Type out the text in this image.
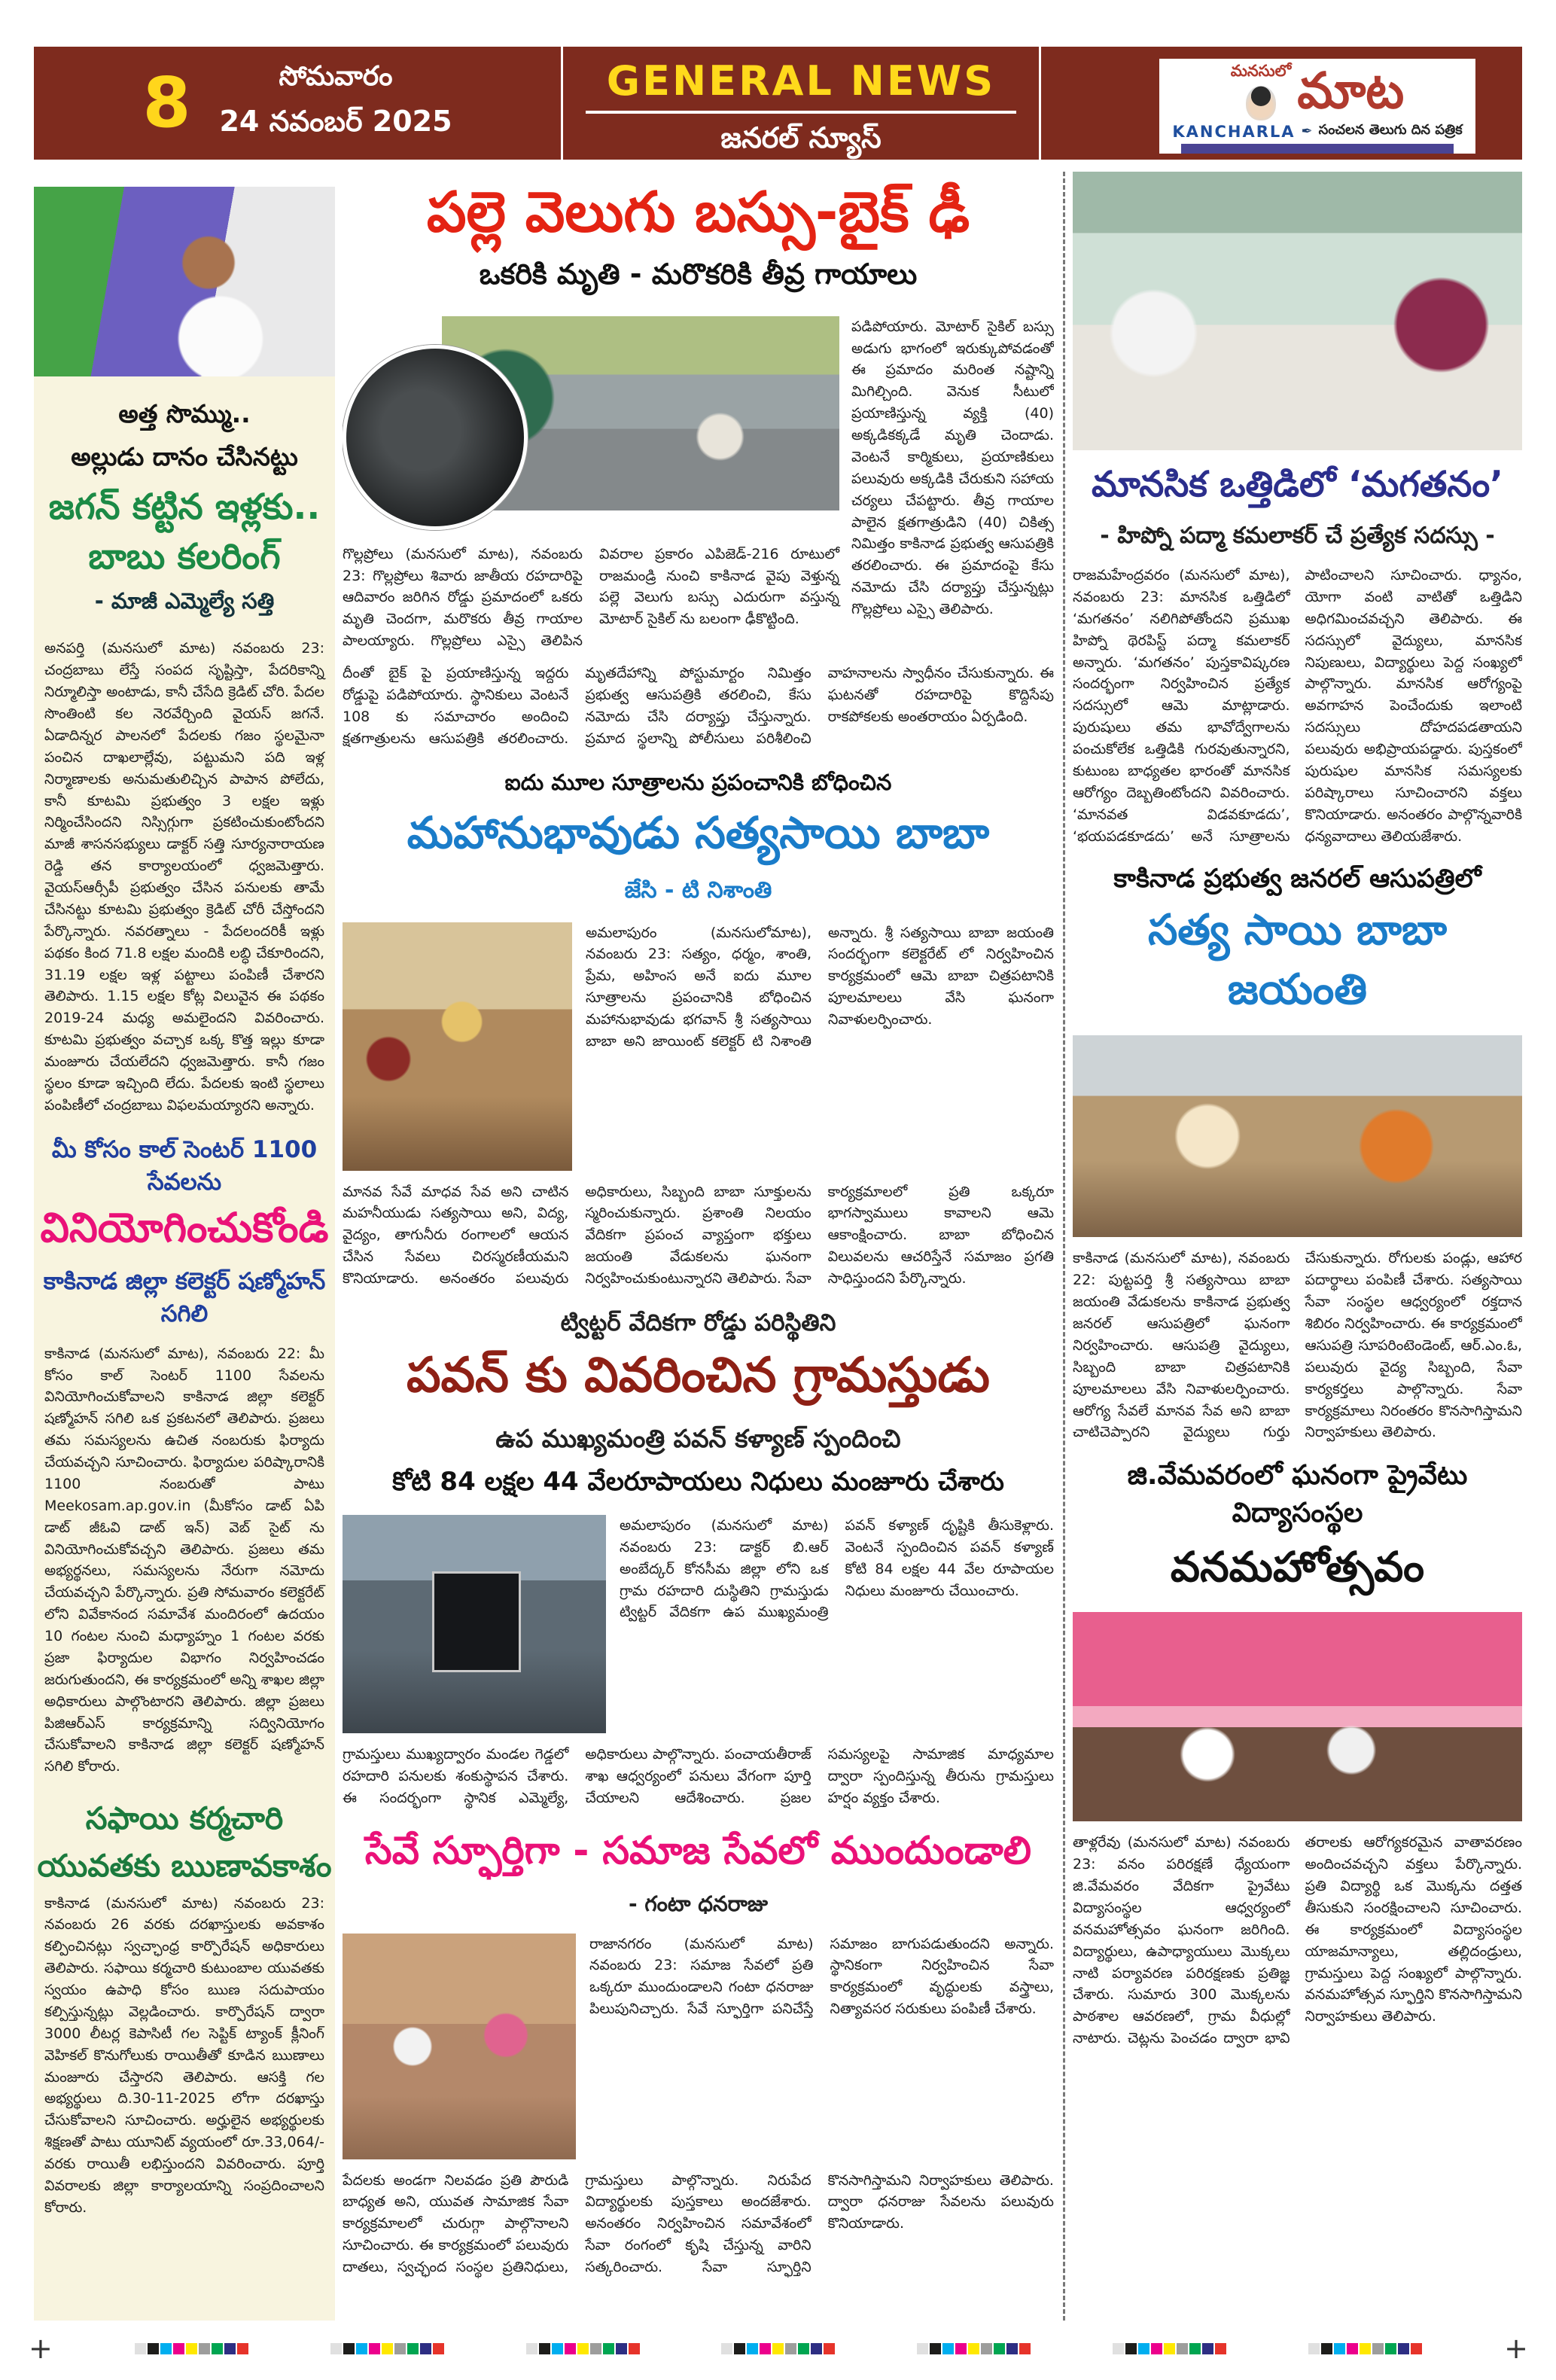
8	సోమవారం
24 నవంబర్ 2025
GENERAL NEWS
జనరల్ న్యూస్
మనసులో మాట
KANCHARLA ✒ సంచలన తెలుగు దిన పత్రిక
అత్త సొమ్ము..
అల్లుడు దానం చేసినట్టు
జగన్ కట్టిన ఇళ్లకు..
బాబు కలరింగ్
- మాజీ ఎమ్మెల్యే సత్తి
అనపర్తి (మనసులో మాట) నవంబరు 23: చంద్రబాబు లేస్తే సంపద సృష్టిస్తా, పేదరికాన్ని నిర్మూలిస్తా అంటాడు, కానీ చేసేది క్రెడిట్ చోరి. పేదల సొంతింటి కల నెరవేర్చింది వైయస్ జగనే. ఏడాదిన్నర పాలనలో పేదలకు గజం స్థలమైనా పంచిన దాఖలాల్లేవు, పట్టుమని పది ఇళ్ల నిర్మాణాలకు అనుమతులిచ్చిన పాపాన పోలేదు, కానీ కూటమి ప్రభుత్వం 3 లక్షల ఇళ్లు నిర్మించేసిందని నిస్సిగ్గుగా ప్రకటించుకుంటోందని మాజీ శాసనసభ్యులు డాక్టర్ సత్తి సూర్యనారాయణ రెడ్డి తన కార్యాలయంలో ధ్వజమెత్తారు. వైయస్ఆర్సీపీ ప్రభుత్వం చేసిన పనులకు తామే చేసినట్టు కూటమి ప్రభుత్వం క్రెడిట్ చోరీ చేస్తోందని పేర్కొన్నారు. నవరత్నాలు - పేదలందరికీ ఇళ్లు పథకం కింద 71.8 లక్షల మందికి లబ్ధి చేకూరిందని, 31.19 లక్షల ఇళ్ల పట్టాలు పంపిణీ చేశారని తెలిపారు. 1.15 లక్షల కోట్ల విలువైన ఈ పథకం 2019-24 మధ్య అమలైందని వివరించారు. కూటమి ప్రభుత్వం వచ్చాక ఒక్క కొత్త ఇల్లు కూడా మంజూరు చేయలేదని ధ్వజమెత్తారు. కానీ గజం స్థలం కూడా ఇచ్చింది లేదు. పేదలకు ఇంటి స్థలాలు పంపిణీలో చంద్రబాబు విఫలమయ్యారని అన్నారు.
మీ కోసం కాల్ సెంటర్ 1100 సేవలను
వినియోగించుకోండి
కాకినాడ జిల్లా కలెక్టర్ షణ్మోహన్ సగిలి
కాకినాడ (మనసులో మాట), నవంబరు 22: మీ కోసం కాల్ సెంటర్ 1100 సేవలను వినియోగించుకోవాలని కాకినాడ జిల్లా కలెక్టర్ షణ్మోహన్ సగిలి ఒక ప్రకటనలో తెలిపారు. ప్రజలు తమ సమస్యలను ఉచిత నంబరుకు ఫిర్యాదు చేయవచ్చని సూచించారు. ఫిర్యాదుల పరిష్కారానికి 1100 నంబరుతో పాటు Meekosam.ap.gov.in (మీకోసం డాట్ ఏపి డాట్ జీఓవి డాట్ ఇన్) వెబ్ సైట్ ను వినియోగించుకోవచ్చని తెలిపారు. ప్రజలు తమ అభ్యర్థనలు, సమస్యలను నేరుగా నమోదు చేయవచ్చని పేర్కొన్నారు. ప్రతి సోమవారం కలెక్టరేట్ లోని వివేకానంద సమావేశ మందిరంలో ఉదయం 10 గంటల నుంచి మధ్యాహ్నం 1 గంటల వరకు ప్రజా ఫిర్యాదుల విభాగం నిర్వహించడం జరుగుతుందని, ఈ కార్యక్రమంలో అన్ని శాఖల జిల్లా అధికారులు పాల్గొంటారని తెలిపారు. జిల్లా ప్రజలు పిజిఆర్ఎస్ కార్యక్రమాన్ని సద్వినియోగం చేసుకోవాలని కాకినాడ జిల్లా కలెక్టర్ షణ్మోహన్ సగిలి కోరారు.
సఫాయి కర్మచారి
యువతకు ఋణావకాశం
కాకినాడ (మనసులో మాట) నవంబరు 23: నవంబరు 26 వరకు దరఖాస్తులకు అవకాశం కల్పించినట్లు స్వచ్ఛాంధ్ర కార్పొరేషన్ అధికారులు తెలిపారు. సఫాయి కర్మచారి కుటుంబాల యువతకు స్వయం ఉపాధి కోసం ఋణ సదుపాయం కల్పిస్తున్నట్లు వెల్లడించారు. కార్పొరేషన్ ద్వారా 3000 లీటర్ల కెపాసిటీ గల సెప్టిక్ ట్యాంక్ క్లీనింగ్ వెహికల్ కొనుగోలుకు రాయితీతో కూడిన ఋణాలు మంజూరు చేస్తారని తెలిపారు. ఆసక్తి గల అభ్యర్థులు ది.30-11-2025 లోగా దరఖాస్తు చేసుకోవాలని సూచించారు. అర్హులైన అభ్యర్థులకు శిక్షణతో పాటు యూనిట్ వ్యయంలో రూ.33,064/- వరకు రాయితీ లభిస్తుందని వివరించారు. పూర్తి వివరాలకు జిల్లా కార్యాలయాన్ని సంప్రదించాలని కోరారు.
పల్లె వెలుగు బస్సు-బైక్ ఢీ
ఒకరికి మృతి - మరొకరికి తీవ్ర గాయాలు
గొల్లప్రోలు (మనసులో మాట), నవంబరు 23: గొల్లప్రోలు శివారు జాతీయ రహదారిపై ఆదివారం జరిగిన రోడ్డు ప్రమాదంలో ఒకరు మృతి చెందగా, మరొకరు తీవ్ర గాయాల పాలయ్యారు. గొల్లప్రోలు ఎస్సై తెలిపిన వివరాల ప్రకారం ఎపిజెడ్-216 రూటులో రాజమండ్రి నుంచి కాకినాడ వైపు వెళ్తున్న పల్లె వెలుగు బస్సు ఎదురుగా వస్తున్న మోటార్ సైకిల్ ను బలంగా ఢీకొట్టింది.
పడిపోయారు. మోటార్ సైకిల్ బస్సు అడుగు భాగంలో ఇరుక్కుపోవడంతో ఈ ప్రమాదం మరింత నష్టాన్ని మిగిల్చింది. వెనుక సీటులో ప్రయాణిస్తున్న వ్యక్తి (40) అక్కడికక్కడే మృతి చెందాడు. వెంటనే కార్మికులు, ప్రయాణికులు పలువురు అక్కడికి చేరుకుని సహాయ చర్యలు చేపట్టారు. తీవ్ర గాయాల పాలైన క్షతగాత్రుడిని (40) చికిత్స నిమిత్తం కాకినాడ ప్రభుత్వ ఆసుపత్రికి తరలించారు. ఈ ప్రమాదంపై కేసు నమోదు చేసి దర్యాప్తు చేస్తున్నట్లు గొల్లప్రోలు ఎస్సై తెలిపారు.
దీంతో బైక్ పై ప్రయాణిస్తున్న ఇద్దరు రోడ్డుపై పడిపోయారు. స్థానికులు వెంటనే 108 కు సమాచారం అందించి క్షతగాత్రులను ఆసుపత్రికి తరలించారు. మృతదేహాన్ని పోస్టుమార్టం నిమిత్తం ప్రభుత్వ ఆసుపత్రికి తరలించి, కేసు నమోదు చేసి దర్యాప్తు చేస్తున్నారు. ప్రమాద స్థలాన్ని పోలీసులు పరిశీలించి వాహనాలను స్వాధీనం చేసుకున్నారు. ఈ ఘటనతో రహదారిపై కొద్దిసేపు రాకపోకలకు అంతరాయం ఏర్పడింది.
ఐదు మూల సూత్రాలను ప్రపంచానికి బోధించిన
మహానుభావుడు సత్యసాయి బాబా
జేసి - టి నిశాంతి
అమలాపురం (మనసులోమాట), నవంబరు 23: సత్యం, ధర్మం, శాంతి, ప్రేమ, అహింస అనే ఐదు మూల సూత్రాలను ప్రపంచానికి బోధించిన మహానుభావుడు భగవాన్ శ్రీ సత్యసాయి బాబా అని జాయింట్ కలెక్టర్ టి నిశాంతి అన్నారు. శ్రీ సత్యసాయి బాబా జయంతి సందర్భంగా కలెక్టరేట్ లో నిర్వహించిన కార్యక్రమంలో ఆమె బాబా చిత్రపటానికి పూలమాలలు వేసి ఘనంగా నివాళులర్పించారు.
మానవ సేవే మాధవ సేవ అని చాటిన మహనీయుడు సత్యసాయి అని, విద్య, వైద్యం, తాగునీరు రంగాలలో ఆయన చేసిన సేవలు చిరస్మరణీయమని కొనియాడారు. అనంతరం పలువురు అధికారులు, సిబ్బంది బాబా సూక్తులను స్మరించుకున్నారు. ప్రశాంతి నిలయం వేదికగా ప్రపంచ వ్యాప్తంగా భక్తులు జయంతి వేడుకలను ఘనంగా నిర్వహించుకుంటున్నారని తెలిపారు. సేవా కార్యక్రమాలలో ప్రతి ఒక్కరూ భాగస్వాములు కావాలని ఆమె ఆకాంక్షించారు. బాబా బోధించిన విలువలను ఆచరిస్తేనే సమాజం ప్రగతి సాధిస్తుందని పేర్కొన్నారు.
ట్విట్టర్ వేదికగా రోడ్డు పరిస్థితిని
పవన్ కు వివరించిన గ్రామస్తుడు
ఉప ముఖ్యమంత్రి పవన్ కళ్యాణ్ స్పందించి
కోటి 84 లక్షల 44 వేలరూపాయలు నిధులు మంజూరు చేశారు
అమలాపురం (మనసులో మాట) నవంబరు 23: డాక్టర్ బి.ఆర్ అంబేద్కర్ కోనసీమ జిల్లా లోని ఒక గ్రామ రహదారి దుస్థితిని గ్రామస్తుడు ట్విట్టర్ వేదికగా ఉప ముఖ్యమంత్రి పవన్ కళ్యాణ్ దృష్టికి తీసుకెళ్లారు. వెంటనే స్పందించిన పవన్ కళ్యాణ్ కోటి 84 లక్షల 44 వేల రూపాయల నిధులు మంజూరు చేయించారు.
గ్రామస్తులు ముఖ్యద్వారం మండల గెడ్డలో రహదారి పనులకు శంకుస్థాపన చేశారు. ఈ సందర్భంగా స్థానిక ఎమ్మెల్యే, అధికారులు పాల్గొన్నారు. పంచాయతీరాజ్ శాఖ ఆధ్వర్యంలో పనులు వేగంగా పూర్తి చేయాలని ఆదేశించారు. ప్రజల సమస్యలపై సామాజిక మాధ్యమాల ద్వారా స్పందిస్తున్న తీరును గ్రామస్తులు హర్షం వ్యక్తం చేశారు.
సేవే స్ఫూర్తిగా - సమాజ సేవలో ముందుండాలి
- గంటా ధనరాజు
రాజానగరం (మనసులో మాట) నవంబరు 23: సమాజ సేవలో ప్రతి ఒక్కరూ ముందుండాలని గంటా ధనరాజు పిలుపునిచ్చారు. సేవే స్ఫూర్తిగా పనిచేస్తే సమాజం బాగుపడుతుందని అన్నారు. స్థానికంగా నిర్వహించిన సేవా కార్యక్రమంలో వృద్ధులకు వస్త్రాలు, నిత్యావసర సరుకులు పంపిణీ చేశారు.
పేదలకు అండగా నిలవడం ప్రతి పౌరుడి బాధ్యత అని, యువత సామాజిక సేవా కార్యక్రమాలలో చురుగ్గా పాల్గొనాలని సూచించారు. ఈ కార్యక్రమంలో పలువురు దాతలు, స్వచ్ఛంద సంస్థల ప్రతినిధులు, గ్రామస్తులు పాల్గొన్నారు. నిరుపేద విద్యార్థులకు పుస్తకాలు అందజేశారు. అనంతరం నిర్వహించిన సమావేశంలో సేవా రంగంలో కృషి చేస్తున్న వారిని సత్కరించారు. సేవా స్ఫూర్తిని కొనసాగిస్తామని నిర్వాహకులు తెలిపారు. ద్వారా ధనరాజు సేవలను పలువురు కొనియాడారు.
మానసిక ఒత్తిడిలో ‘మగతనం’
- హిప్నో పద్మా కమలాకర్ చే ప్రత్యేక సదస్సు -
రాజమహేంద్రవరం (మనసులో మాట), నవంబరు 23: మానసిక ఒత్తిడిలో ‘మగతనం’ నలిగిపోతోందని ప్రముఖ హిప్నో థెరపిస్ట్ పద్మా కమలాకర్ అన్నారు. ‘మగతనం’ పుస్తకావిష్కరణ సందర్భంగా నిర్వహించిన ప్రత్యేక సదస్సులో ఆమె మాట్లాడారు. పురుషులు తమ భావోద్వేగాలను పంచుకోలేక ఒత్తిడికి గురవుతున్నారని, కుటుంబ బాధ్యతల భారంతో మానసిక ఆరోగ్యం దెబ్బతింటోందని వివరించారు. ‘మానవత విడవకూడదు’, ‘భయపడకూడదు’ అనే సూత్రాలను పాటించాలని సూచించారు. ధ్యానం, యోగా వంటి వాటితో ఒత్తిడిని అధిగమించవచ్చని తెలిపారు. ఈ సదస్సులో వైద్యులు, మానసిక నిపుణులు, విద్యార్థులు పెద్ద సంఖ్యలో పాల్గొన్నారు. మానసిక ఆరోగ్యంపై అవగాహన పెంచేందుకు ఇలాంటి సదస్సులు దోహదపడతాయని పలువురు అభిప్రాయపడ్డారు. పుస్తకంలో పురుషుల మానసిక సమస్యలకు పరిష్కారాలు సూచించారని వక్తలు కొనియాడారు. అనంతరం పాల్గొన్నవారికి ధన్యవాదాలు తెలియజేశారు.
కాకినాడ ప్రభుత్వ జనరల్ ఆసుపత్రిలో
సత్య సాయి బాబా జయంతి
కాకినాడ (మనసులో మాట), నవంబరు 22: పుట్టపర్తి శ్రీ సత్యసాయి బాబా జయంతి వేడుకలను కాకినాడ ప్రభుత్వ జనరల్ ఆసుపత్రిలో ఘనంగా నిర్వహించారు. ఆసుపత్రి వైద్యులు, సిబ్బంది బాబా చిత్రపటానికి పూలమాలలు వేసి నివాళులర్పించారు. ఆరోగ్య సేవలే మానవ సేవ అని బాబా చాటిచెప్పారని వైద్యులు గుర్తు చేసుకున్నారు. రోగులకు పండ్లు, ఆహార పదార్థాలు పంపిణీ చేశారు. సత్యసాయి సేవా సంస్థల ఆధ్వర్యంలో రక్తదాన శిబిరం నిర్వహించారు. ఈ కార్యక్రమంలో ఆసుపత్రి సూపరింటెండెంట్, ఆర్.ఎం.ఓ, పలువురు వైద్య సిబ్బంది, సేవా కార్యకర్తలు పాల్గొన్నారు. సేవా కార్యక్రమాలు నిరంతరం కొనసాగిస్తామని నిర్వాహకులు తెలిపారు.
జి.వేమవరంలో ఘనంగా ప్రైవేటు విద్యాసంస్థల
వనమహోత్సవం
తాళ్లరేవు (మనసులో మాట) నవంబరు 23: వనం పరిరక్షణే ధ్యేయంగా జి.వేమవరం వేదికగా ప్రైవేటు విద్యాసంస్థల ఆధ్వర్యంలో వనమహోత్సవం ఘనంగా జరిగింది. విద్యార్థులు, ఉపాధ్యాయులు మొక్కలు నాటి పర్యావరణ పరిరక్షణకు ప్రతిజ్ఞ చేశారు. సుమారు 300 మొక్కలను పాఠశాల ఆవరణలో, గ్రామ వీధుల్లో నాటారు. చెట్లను పెంచడం ద్వారా భావి తరాలకు ఆరోగ్యకరమైన వాతావరణం అందించవచ్చని వక్తలు పేర్కొన్నారు. ప్రతి విద్యార్థి ఒక మొక్కను దత్తత తీసుకుని సంరక్షించాలని సూచించారు. ఈ కార్యక్రమంలో విద్యాసంస్థల యాజమాన్యాలు, తల్లిదండ్రులు, గ్రామస్తులు పెద్ద సంఖ్యలో పాల్గొన్నారు. వనమహోత్సవ స్ఫూర్తిని కొనసాగిస్తామని నిర్వాహకులు తెలిపారు.
+	+
